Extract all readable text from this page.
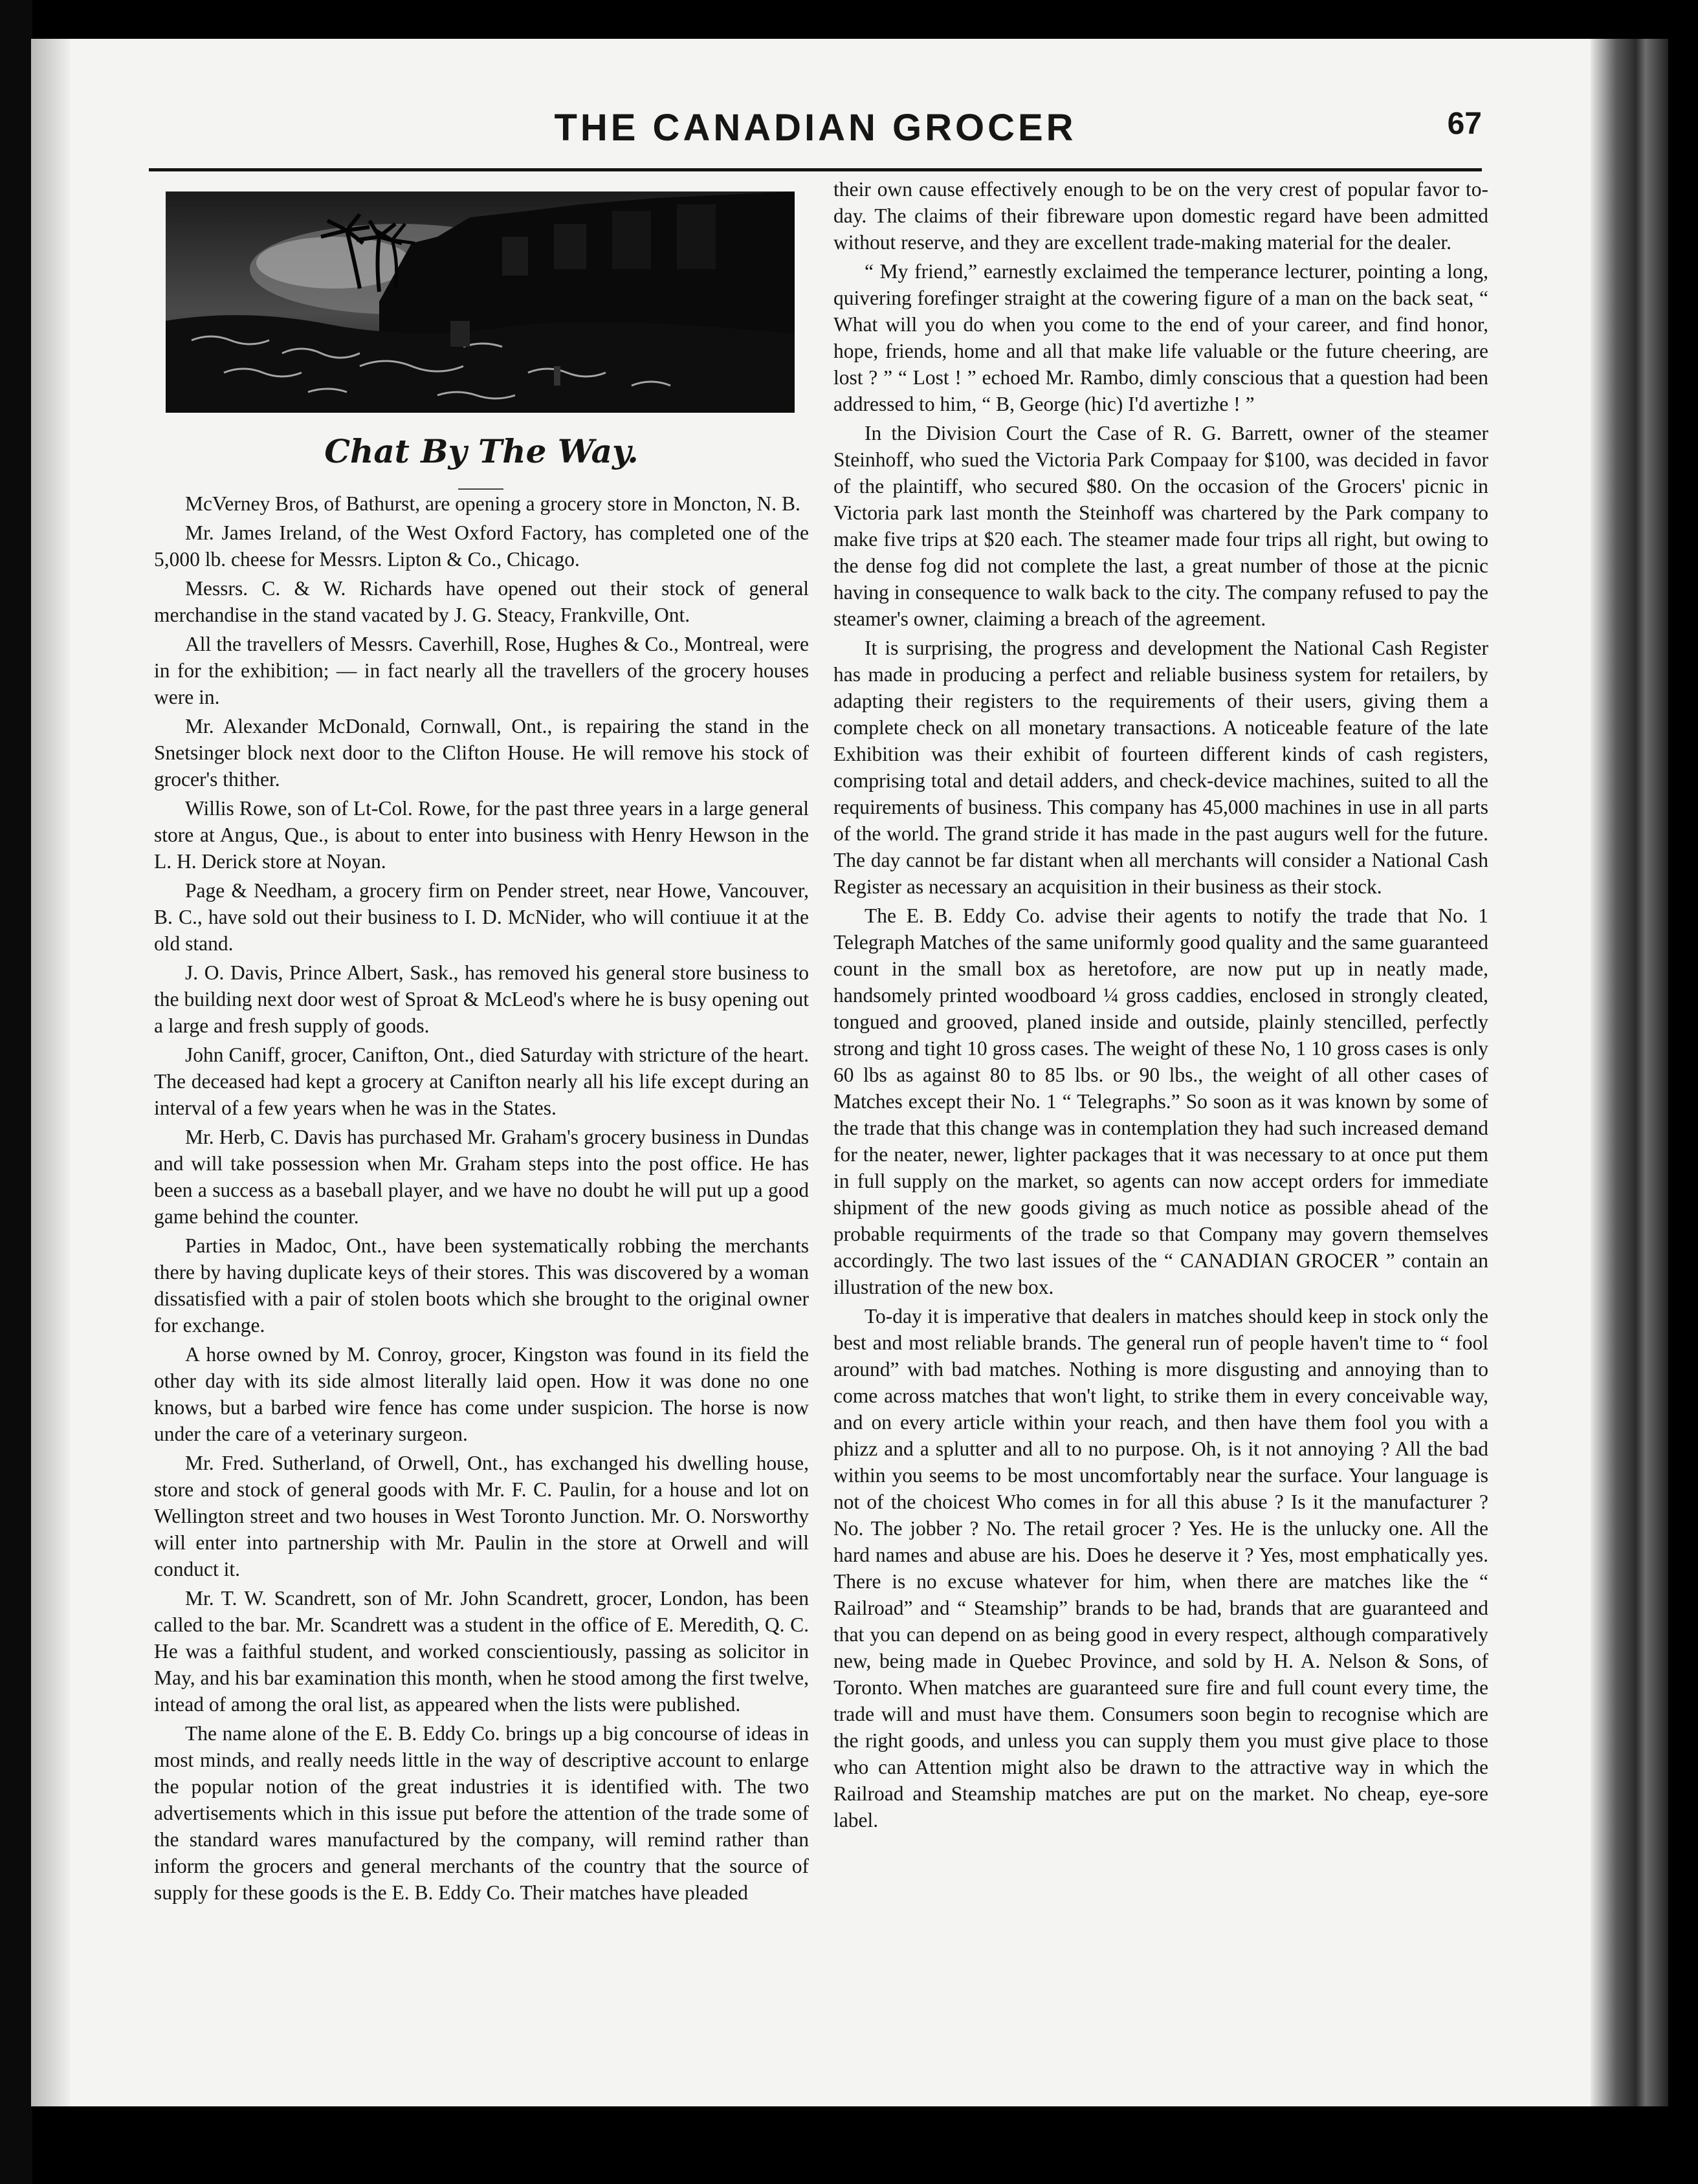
THE CANADIAN GROCER	67
Chat By The Way.

McVerney Bros, of Bathurst, are opening a grocery store in Moncton, N. B.

Mr. James Ireland, of the West Oxford Factory, has completed one of the 5,000 lb. cheese for Messrs. Lipton & Co., Chicago.

Messrs. C. & W. Richards have opened out their stock of general merchandise in the stand vacated by J. G. Steacy, Frankville, Ont.

All the travellers of Messrs. Caverhill, Rose, Hughes & Co., Montreal, were in for the exhibition; — in fact nearly all the travellers of the grocery houses were in.

Mr. Alexander McDonald, Cornwall, Ont., is repairing the stand in the Snetsinger block next door to the Clifton House. He will remove his stock of grocer's thither.

Willis Rowe, son of Lt-Col. Rowe, for the past three years in a large general store at Angus, Que., is about to enter into business with Henry Hewson in the L. H. Derick store at Noyan.

Page & Needham, a grocery firm on Pender street, near Howe, Vancouver, B. C., have sold out their business to I. D. McNider, who will contiuue it at the old stand.

J. O. Davis, Prince Albert, Sask., has removed his general store business to the building next door west of Sproat & McLeod's where he is busy opening out a large and fresh supply of goods.

John Caniff, grocer, Canifton, Ont., died Saturday with stricture of the heart. The deceased had kept a grocery at Canifton nearly all his life except during an interval of a few years when he was in the States.

Mr. Herb, C. Davis has purchased Mr. Graham's grocery business in Dundas and will take possession when Mr. Graham steps into the post office. He has been a success as a baseball player, and we have no doubt he will put up a good game behind the counter.

Parties in Madoc, Ont., have been systematically robbing the merchants there by having duplicate keys of their stores. This was discovered by a woman dissatisfied with a pair of stolen boots which she brought to the original owner for exchange.

A horse owned by M. Conroy, grocer, Kingston was found in its field the other day with its side almost literally laid open. How it was done no one knows, but a barbed wire fence has come under suspicion. The horse is now under the care of a veterinary surgeon.

Mr. Fred. Sutherland, of Orwell, Ont., has exchanged his dwelling house, store and stock of general goods with Mr. F. C. Paulin, for a house and lot on Wellington street and two houses in West Toronto Junction. Mr. O. Norsworthy will enter into partnership with Mr. Paulin in the store at Orwell and will conduct it.

Mr. T. W. Scandrett, son of Mr. John Scandrett, grocer, London, has been called to the bar. Mr. Scandrett was a student in the office of E. Meredith, Q. C. He was a faithful student, and worked conscientiously, passing as solicitor in May, and his bar examination this month, when he stood among the first twelve, intead of among the oral list, as appeared when the lists were published.

The name alone of the E. B. Eddy Co. brings up a big concourse of ideas in most minds, and really needs little in the way of descriptive account to enlarge the popular notion of the great industries it is identified with. The two advertisements which in this issue put before the attention of the trade some of the standard wares manufactured by the company, will remind rather than inform the grocers and general merchants of the country that the source of supply for these goods is the E. B. Eddy Co. Their matches have pleaded

their own cause effectively enough to be on the very crest of popular favor to-day. The claims of their fibreware upon domestic regard have been admitted without reserve, and they are excellent trade-making material for the dealer.

“ My friend,” earnestly exclaimed the temperance lecturer, pointing a long, quivering forefinger straight at the cowering figure of a man on the back seat, “ What will you do when you come to the end of your career, and find honor, hope, friends, home and all that make life valuable or the future cheering, are lost ? ” “ Lost ! ” echoed Mr. Rambo, dimly conscious that a question had been addressed to him, “ B, George (hic) I'd avertizhe ! ”

In the Division Court the Case of R. G. Barrett, owner of the steamer Steinhoff, who sued the Victoria Park Compaay for $100, was decided in favor of the plaintiff, who secured $80. On the occasion of the Grocers' picnic in Victoria park last month the Steinhoff was chartered by the Park company to make five trips at $20 each. The steamer made four trips all right, but owing to the dense fog did not complete the last, a great number of those at the picnic having in consequence to walk back to the city. The company refused to pay the steamer's owner, claiming a breach of the agreement.

It is surprising, the progress and development the National Cash Register has made in producing a perfect and reliable business system for retailers, by adapting their registers to the requirements of their users, giving them a complete check on all monetary transactions. A noticeable feature of the late Exhibition was their exhibit of fourteen different kinds of cash registers, comprising total and detail adders, and check-device machines, suited to all the requirements of business. This company has 45,000 machines in use in all parts of the world. The grand stride it has made in the past augurs well for the future. The day cannot be far distant when all merchants will consider a National Cash Register as necessary an acquisition in their business as their stock.

The E. B. Eddy Co. advise their agents to notify the trade that No. 1 Telegraph Matches of the same uniformly good quality and the same guaranteed count in the small box as heretofore, are now put up in neatly made, handsomely printed woodboard ¼ gross caddies, enclosed in strongly cleated, tongued and grooved, planed inside and outside, plainly stencilled, perfectly strong and tight 10 gross cases. The weight of these No, 1 10 gross cases is only 60 lbs as against 80 to 85 lbs. or 90 lbs., the weight of all other cases of Matches except their No. 1 “ Telegraphs.” So soon as it was known by some of the trade that this change was in contemplation they had such increased demand for the neater, newer, lighter packages that it was necessary to at once put them in full supply on the market, so agents can now accept orders for immediate shipment of the new goods giving as much notice as possible ahead of the probable requirments of the trade so that Company may govern themselves accordingly. The two last issues of the “ CANADIAN GROCER ” contain an illustration of the new box.

To-day it is imperative that dealers in matches should keep in stock only the best and most reliable brands. The general run of people haven't time to “ fool around” with bad matches. Nothing is more disgusting and annoying than to come across matches that won't light, to strike them in every conceivable way, and on every article within your reach, and then have them fool you with a phizz and a splutter and all to no purpose. Oh, is it not annoying ? All the bad within you seems to be most uncomfortably near the surface. Your language is not of the choicest Who comes in for all this abuse ? Is it the manufacturer ? No. The jobber ? No. The retail grocer ? Yes. He is the unlucky one. All the hard names and abuse are his. Does he deserve it ? Yes, most emphatically yes. There is no excuse whatever for him, when there are matches like the “ Railroad” and “ Steamship” brands to be had, brands that are guaranteed and that you can depend on as being good in every respect, although comparatively new, being made in Quebec Province, and sold by H. A. Nelson & Sons, of Toronto. When matches are guaranteed sure fire and full count every time, the trade will and must have them. Consumers soon begin to recognise which are the right goods, and unless you can supply them you must give place to those who can Attention might also be drawn to the attractive way in which the Railroad and Steamship matches are put on the market. No cheap, eye-sore label.
